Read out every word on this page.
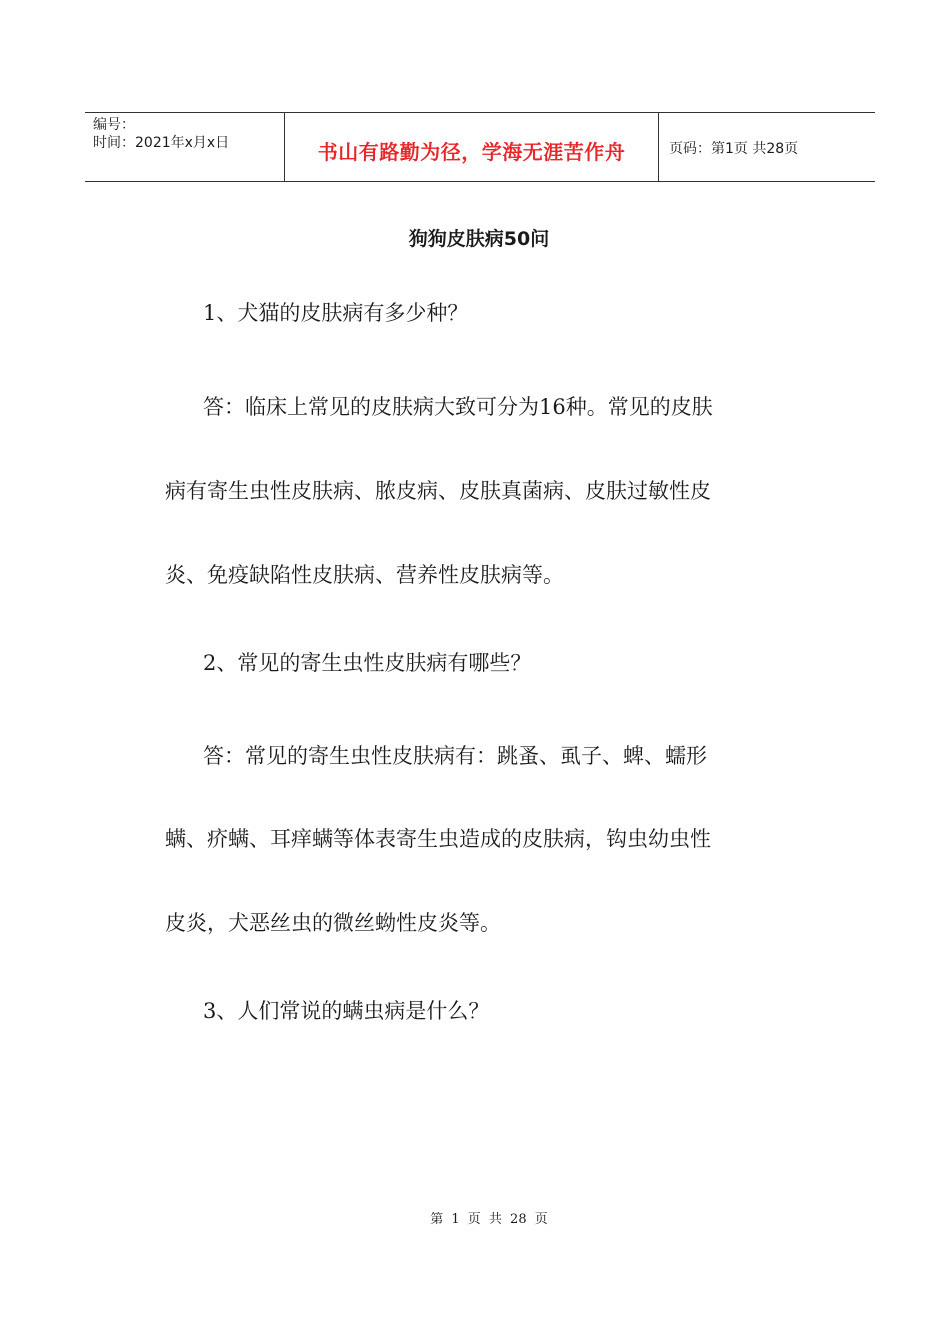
编号：
时间：2021年x月x日	书山有路勤为径，学海无涯苦作舟	页码：第1页 共28页
狗狗皮肤病50问
1、犬猫的皮肤病有多少种？
答：临床上常见的皮肤病大致可分为16种。常见的皮肤
病有寄生虫性皮肤病、脓皮病、皮肤真菌病、皮肤过敏性皮
炎、免疫缺陷性皮肤病、营养性皮肤病等。
2、常见的寄生虫性皮肤病有哪些？
答：常见的寄生虫性皮肤病有：跳蚤、虱子、蜱、蠕形
螨、疥螨、耳痒螨等体表寄生虫造成的皮肤病，钩虫幼虫性
皮炎，犬恶丝虫的微丝蚴性皮炎等。
3、人们常说的螨虫病是什么？
第 1 页 共 28 页
